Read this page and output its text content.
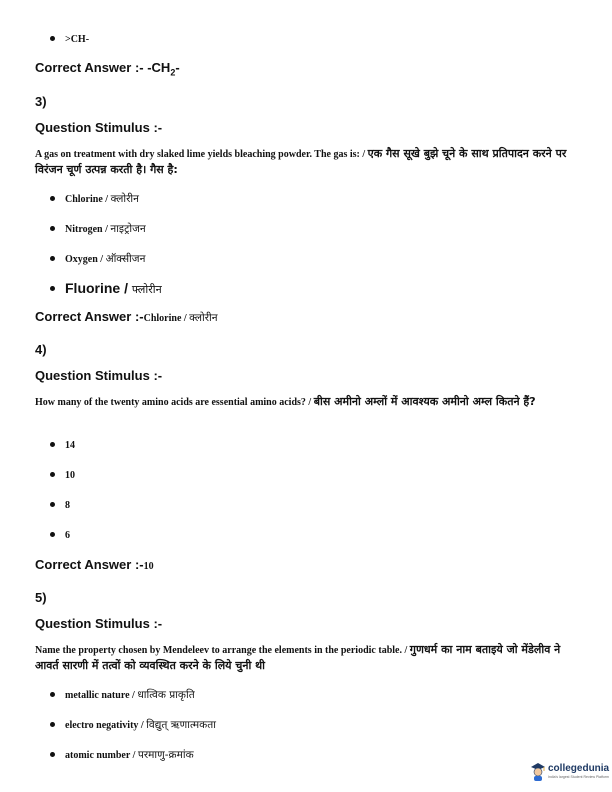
>CH-
Correct Answer :- $-CH_2-$
3)
Question Stimulus :-
A gas on treatment with dry slaked lime yields bleaching powder. The gas is: / एक गैस सूखे बुझे चूने के साथ प्रतिपादन करने पर विरंजन चूर्ण उत्पन्न करती है। गैस है:
Chlorine / क्लोरीन
Nitrogen / नाइट्रोजन
Oxygen / ऑक्सीजन
Fluorine / फ्लोरीन
Correct Answer :-Chlorine / क्लोरीन
4)
Question Stimulus :-
How many of the twenty amino acids are essential amino acids? / बीस अमीनो अम्लों में आवश्यक अमीनो अम्ल कितने हैं?
14
10
8
6
Correct Answer :-10
5)
Question Stimulus :-
Name the property chosen by Mendeleev to arrange the elements in the periodic table. / गुणधर्म का नाम बताइये जो मेंडेलीव ने आवर्त सारणी में तत्वों को व्यवस्थित करने के लिये चुनी थी
metallic nature / धात्विक प्राकृति
electro negativity / विद्युत् ऋणात्मकता
atomic number / परमाणु-क्रमांक
collegedunia
India's largest Student Review Platform
